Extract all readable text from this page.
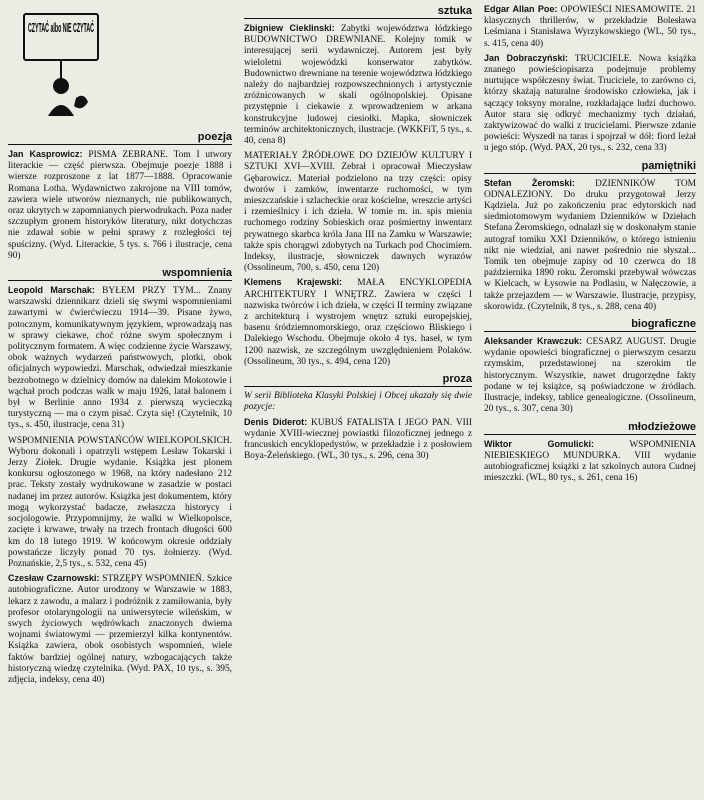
CZYTAĆ albo NIE CZYTAĆ
poezja

Jan Kasprowicz: PISMA ZEBRANE. Tom I utwory literackie — część pierwsza. Obejmuje poezje 1888 i wiersze rozproszone z lat 1877—1888. Opracowanie Romana Lotha. Wydawnictwo zakrojone na VIII tomów, zawiera wiele utworów nieznanych, nie publikowanych, oraz ukrytych w zapomnianych pierwodrukach. Poza nader szczupłym gronem historyków literatury, nikt dotychczas nie zdawał sobie w pełni sprawy z rozległości tej spuścizny. (Wyd. Literackie, 5 tys. s. 766 i ilustracje, cena 90)

wspomnienia

Leopold Marschak: BYŁEM PRZY TYM... Znany warszawski dziennikarz dzieli się swymi wspomnieniami zawartymi w ćwierćwieczu 1914—39. Pisane żywo, potocznym, komunikatywnym językiem, wprowadzają nas w sprawy ciekawe, choć różne swym społecznym i politycznym formatem. A więc codzienne życie Warszawy, obok ważnych wydarzeń państwowych, plotki, obok oficjalnych wypowiedzi. Marschak, odwiedzał mieszkanie bezrobotnego w dzielnicy domów na dalekim Mokotowie i wąchał proch podczas walk w maju 1926, latał balonem i był w Berlinie anno 1934 z pierwszą wycieczką turystyczną — ma o czym pisać. Czyta się! (Czytelnik, 10 tys., s. 450, ilustracje, cena 31)

WSPOMNIENIA POWSTAŃCÓW WIELKOPOLSKICH. Wyboru dokonali i opatrzyli wstępem Lesław Tokarski i Jerzy Ziołek. Drugie wydanie. Książka jest plonem konkursu ogłoszonego w 1968, na który nadesłano 212 prac. Teksty zostały wydrukowane w zasadzie w postaci nadanej im przez autorów. Książka jest dokumentem, który mogą wykorzystać badacze, zwłaszcza historycy i socjologowie. Przypomnijmy, że walki w Wielkopolsce, zacięte i krwawe, trwały na trzech frontach długości 600 km do 18 lutego 1919. W końcowym okresie oddziały powstańcze liczyły ponad 70 tys. żołnierzy. (Wyd. Poznańskie, 2,5 tys., s. 532, cena 45)

Czesław Czarnowski: STRZĘPY WSPOMNIEŃ. Szkice autobiograficzne. Autor urodzony w Warszawie w 1883, lekarz z zawodu, a malarz i podróżnik z zamiłowania, były profesor otolaryngologii na uniwersytecie wileńskim, w swych życiowych wędrówkach znaczonych dwiema wojnami światowymi — przemierzył kilka kontynentów. Książka zawiera, obok osobistych wspomnień, wiele faktów bardziej ogólnej natury, wzbogacających także historyczną wiedzę czytelnika. (Wyd. PAX, 10 tys., s. 395, zdjęcia, indeksy, cena 40)

sztuka

Zbigniew Cieklinski: Zabytki województwa łódzkiego BUDOWNICTWO DREWNIANE. Kolejny tomik w interesującej serii wydawniczej. Autorem jest były wieloletni wojewódzki konserwator zabytków. Budownictwo drewniane na terenie województwa łódzkiego należy do najbardziej rozpowszechnionych i artystycznie zróżnicowanych w skali ogólnopolskiej. Opisane przystępnie i ciekawie z wprowadzeniem w arkana konstrukcyjne ludowej ciesiołki. Mapka, słowniczek terminów architektonicznych, ilustracje. (WKKFiT, 5 tys., s. 40, cena 8)

MATERIAŁY ŹRÓDŁOWE DO DZIEJÓW KULTURY I SZTUKI XVI—XVIII. Zebrał i opracował Mieczysław Gębarowicz. Materiał podzielono na trzy części: opisy dworów i zamków, inwentarze ruchomości, w tym mieszczańskie i szlacheckie oraz kościelne, wreszcie artyści i rzemieślnicy i ich dzieła. W tomie m. in. spis mienia ruchomego rodziny Sobieskich oraz pośmiertny inwentarz prywatnego skarbca króla Jana III na Zamku w Warszawie; także spis chorągwi zdobytych na Turkach pod Chocimiem. Indeksy, ilustracje, słowniczek dawnych wyrazów (Ossolineum, 700, s. 450, cena 120)

Klemens Krajewski: MAŁA ENCYKLOPEDIA ARCHITEKTURY I WNĘTRZ. Zawiera w części I nazwiska twórców i ich dzieła, w części II terminy związane z architekturą i wystrojem wnętrz sztuki europejskiej, basenu śródziemnomorskiego, oraz częściowo Bliskiego i Dalekiego Wschodu. Obejmuje około 4 tys. haseł, w tym 1200 nazwisk, ze szczególnym uwzględnieniem Polaków. (Ossolineum, 30 tys., s. 494, cena 120)

proza

W serii Biblioteka Klasyki Polskiej i Obcej ukazały się dwie pozycje:

Denis Diderot: KUBUŚ FATALISTA I JEGO PAN. VIII wydanie XVIII-wiecznej powiastki filozoficznej jednego z francuskich encyklopedystów, w przekładzie i z posłowiem Boya-Żeleńskiego. (WL, 30 tys., s. 296, cena 30)

Edgar Allan Poe: OPOWIEŚCI NIESAMOWITE. 21 klasycznych thrillerów, w przekładzie Bolesława Leśmiana i Stanisława Wyrzykowskiego (WL, 50 tys., s. 415, cena 40)

Jan Dobraczyński: TRUCICIELE. Nowa książka znanego powieściopisarza podejmuje problemy nurtujące współczesny świat. Truciciele, to zarówno ci, którzy skażają naturalne środowisko człowieka, jak i sączący toksyny moralne, rozkładające ludzi duchowo. Autor stara się odkryć mechanizmy tych działań, zaktywizować do walki z trucicielami. Pierwsze zdanie powieści: Wyszedł na taras i spojrzał w dół: fiord leżał u jego stóp. (Wyd. PAX, 20 tys., s. 232, cena 33)

pamiętniki

Stefan Żeromski: DZIENNIKÓW TOM ODNALEZIONY. Do druku przygotował Jerzy Kądziela. Już po zakończeniu prac edytorskich nad siedmiotomowym wydaniem Dzienników w Dziełach Stefana Żeromskiego, odnalazł się w doskonałym stanie autograf tomiku XXI Dzienników, o którego istnieniu nikt nie wiedział, ani nawet pośrednio nie słyszał... Tomik ten obejmuje zapisy od 10 czerwca do 18 października 1890 roku. Żeromski przebywał wówczas w Kielcach, w Łysowie na Podlasiu, w Nałęczowie, a także przejazdem — w Warszawie. Ilustracje, przypisy, skorowidz. (Czytelnik, 8 tys., s. 288, cena 40)

biograficzne

Aleksander Krawczuk: CESARZ AUGUST. Drugie wydanie opowieści biograficznej o pierwszym cesarzu rzymskim, przedstawionej na szerokim tle historycznym. Wszystkie, nawet drugorzędne fakty podane w tej książce, są poświadczone w źródłach. Ilustracje, indeksy, tablice genealogiczne. (Ossolineum, 20 tys., s. 307, cena 30)

młodzieżowe

Wiktor Gomulicki:	WSPOMNIENIA NIEBIESKIEGO MUNDURKA. VIII wydanie autobiograficznej książki z lat szkolnych autora Cudnej mieszczki. (WL, 80 tys., s. 261, cena 16)
